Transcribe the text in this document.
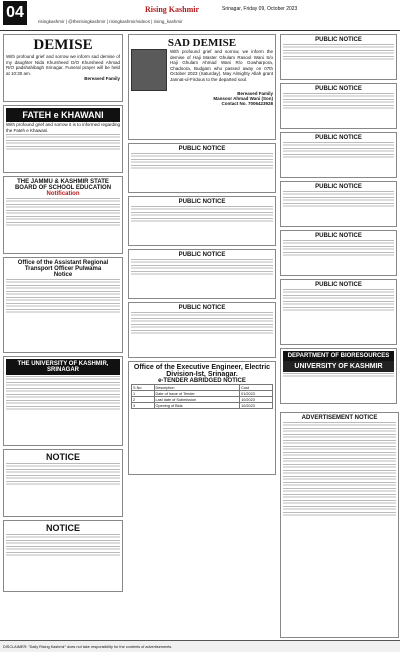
04	Rising Kashmir	Srinagar, Friday 09, October 2023
risingkashmir | @therisingkashmir | risingkashmir/videos | rising_kashmir

DEMISE

With profound grief and sorrow we inform sad demise of my daughter Nida Khursheed D/O Khursheed Ahmad R/O padshahibagh Srinagar. Funeral prayer will be held at 10:30 am.
Bereaved Family
FATEH e KHAWANI
With profound grief and sorrow it is to informed regarding the Fateh e Khawani.

THE JAMMU & KASHMIR STATE BOARD OF SCHOOL EDUCATION

Notification

Office of the Assistant Regional Transport Officer Pulwama

Notice

THE UNIVERSITY OF KASHMIR, SRINAGAR

NOTICE

NOTICE

SAD DEMISE

With profound grief and sorrow, we inform the demise of Haji Master Ghulam Rasool Wani S/o Haji Ghulam Ahmad Wani R/o Gowharpora, Chadoora, Budgam who passed away on 07th October 2023 (Saturday). May Almighty Allah grant Jannat-ul-Firdous to the departed soul.
Bereaved Family
Mansoor Ahmad Wani (Son)
Contact No. 7006423928

PUBLIC NOTICE

PUBLIC NOTICE

PUBLIC NOTICE

PUBLIC NOTICE

Office of the Executive Engineer, Electric Division-Ist, Srinagar.

e-TENDER ABRIDGED NOTICE

S.No	Description	Cost
1	Date of Issue of Tender	01/2023
2	Last date of Submission	10/2023
3	Opening of Bids	10/2023

PUBLIC NOTICE

PUBLIC NOTICE

PUBLIC NOTICE

PUBLIC NOTICE

PUBLIC NOTICE

PUBLIC NOTICE

DEPARTMENT OF BIORESOURCES
UNIVERSITY OF KASHMIR

ADVERTISEMENT NOTICE

DISCLAIMER: "Daily Rising Kashmir" does not take responsibility for the contents of advertisements.
